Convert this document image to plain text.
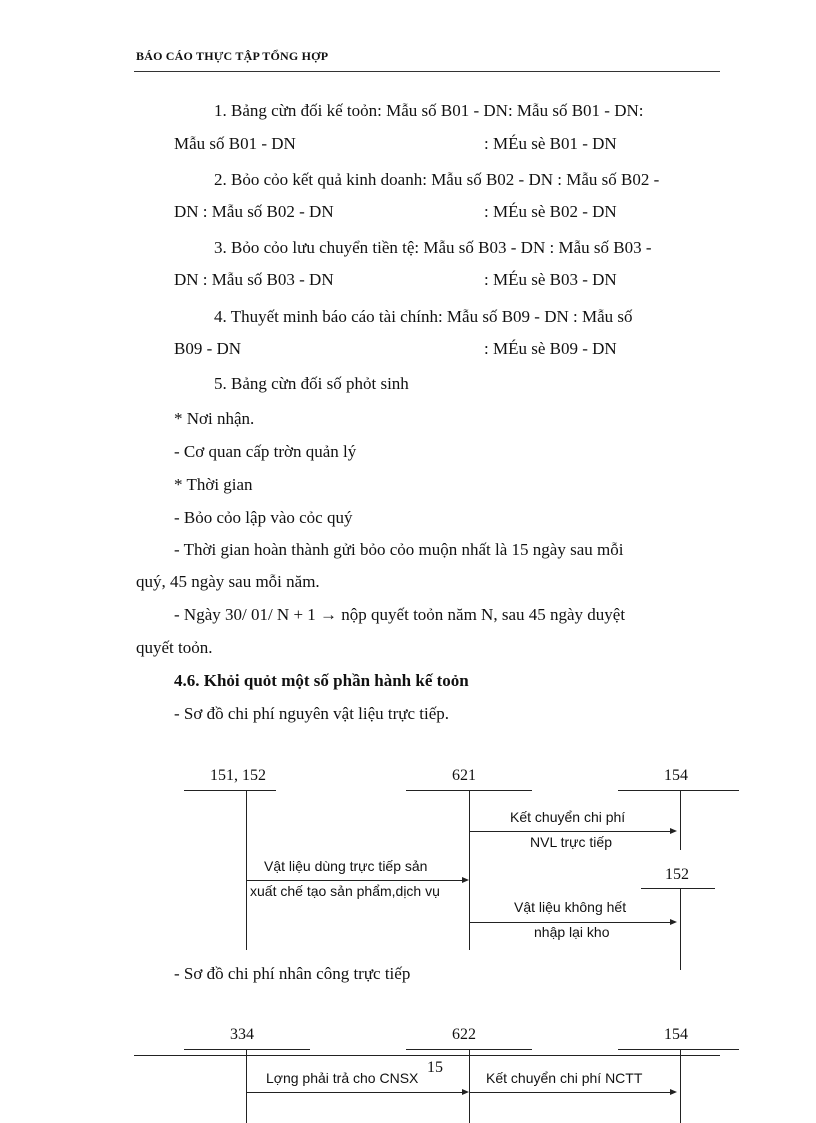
BÁO CÁO THỰC TẬP TỔNG HỢP
1. Bảng cừn đối kế toỏn: Mẫu số B01 - DN: Mẫu số B01 - DN:
Mẫu số B01 - DN	: MÉu sè B01 - DN
2. Bỏo cỏo kết quả kinh doanh: Mẫu số B02 - DN : Mẫu số B02 -
DN : Mẫu số B02 - DN	: MÉu sè B02 - DN
3. Bỏo cỏo lưu chuyển tiền tệ: Mẫu số B03 - DN : Mẫu số B03 -
DN : Mẫu số B03 - DN	: MÉu sè B03 - DN
4. Thuyết minh báo cáo tài chính: Mẫu số B09 - DN : Mẫu số
B09 - DN	: MÉu sè B09 - DN
5. Bảng cừn đối số phỏt sinh
* Nơi nhận.
- Cơ quan cấp trờn quản lý
* Thời gian
- Bỏo cỏo lập vào cỏc quý
- Thời gian hoàn thành gửi bỏo cỏo muộn nhất là 15 ngày sau mỗi
quý, 45 ngày sau mỗi năm.
- Ngày 30/ 01/ N + 1 → nộp quyết toỏn năm N, sau 45 ngày duyệt
quyết toỏn.
4.6. Khỏi quỏt một số phần hành kế toỏn
- Sơ đồ chi phí nguyên vật liệu trực tiếp.
151, 152	621	154
Kết chuyển chi phí
NVL trực tiếp
Vật liệu dùng trực tiếp sản
xuất chế tạo sản phẩm,dịch vụ
152
Vật liệu không hết
nhập lại kho
- Sơ đồ chi phí nhân công trực tiếp
334	622	154
15
Lợng phải trả cho CNSX	Kết chuyển chi phí NCTT
